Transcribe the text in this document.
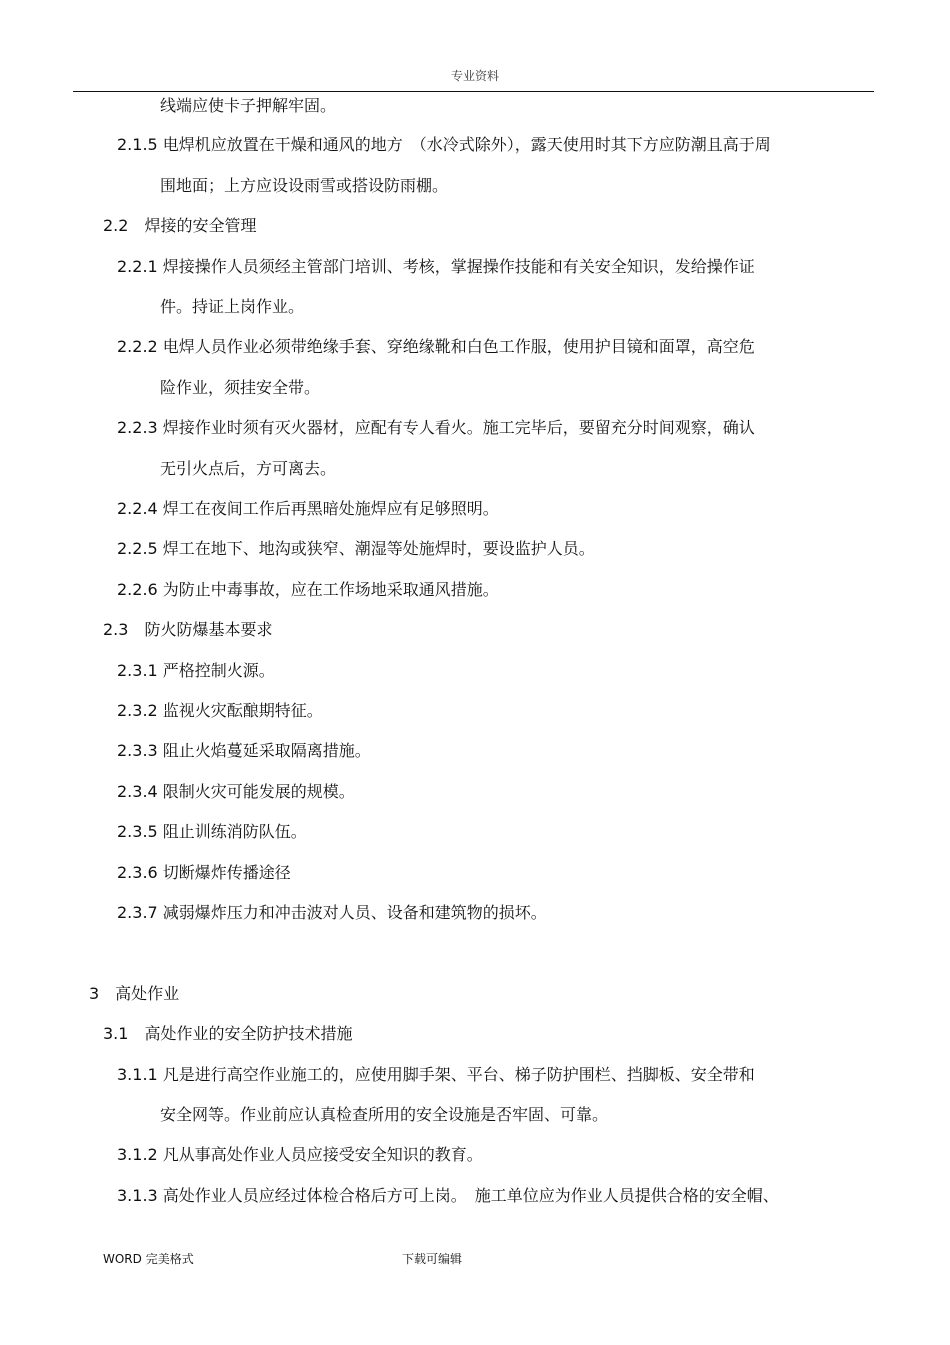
专业资料
线端应使卡子押解牢固。
2.1.5 电焊机应放置在干燥和通风的地方　（水冷式除外），露天使用时其下方应防潮且高于周
围地面；上方应设设雨雪或搭设防雨棚。
2.2　焊接的安全管理
2.2.1 焊接操作人员须经主管部门培训、考核，掌握操作技能和有关安全知识，发给操作证
件。持证上岗作业。
2.2.2 电焊人员作业必须带绝缘手套、穿绝缘靴和白色工作服，使用护目镜和面罩，高空危
险作业，须挂安全带。
2.2.3 焊接作业时须有灭火器材，应配有专人看火。施工完毕后，要留充分时间观察，确认
无引火点后，方可离去。
2.2.4 焊工在夜间工作后再黑暗处施焊应有足够照明。
2.2.5 焊工在地下、地沟或狭窄、潮湿等处施焊时，要设监护人员。
2.2.6 为防止中毒事故，应在工作场地采取通风措施。
2.3　防火防爆基本要求
2.3.1 严格控制火源。
2.3.2 监视火灾酝酿期特征。
2.3.3 阻止火焰蔓延采取隔离措施。
2.3.4 限制火灾可能发展的规模。
2.3.5 阻止训练消防队伍。
2.3.6 切断爆炸传播途径
2.3.7 减弱爆炸压力和冲击波对人员、设备和建筑物的损坏。
3　高处作业
3.1　高处作业的安全防护技术措施
3.1.1 凡是进行高空作业施工的，应使用脚手架、平台、梯子防护围栏、挡脚板、安全带和
安全网等。作业前应认真检查所用的安全设施是否牢固、可靠。
3.1.2 凡从事高处作业人员应接受安全知识的教育。
3.1.3 高处作业人员应经过体检合格后方可上岗。　施工单位应为作业人员提供合格的安全帽、
WORD 完美格式	下载可编辑
